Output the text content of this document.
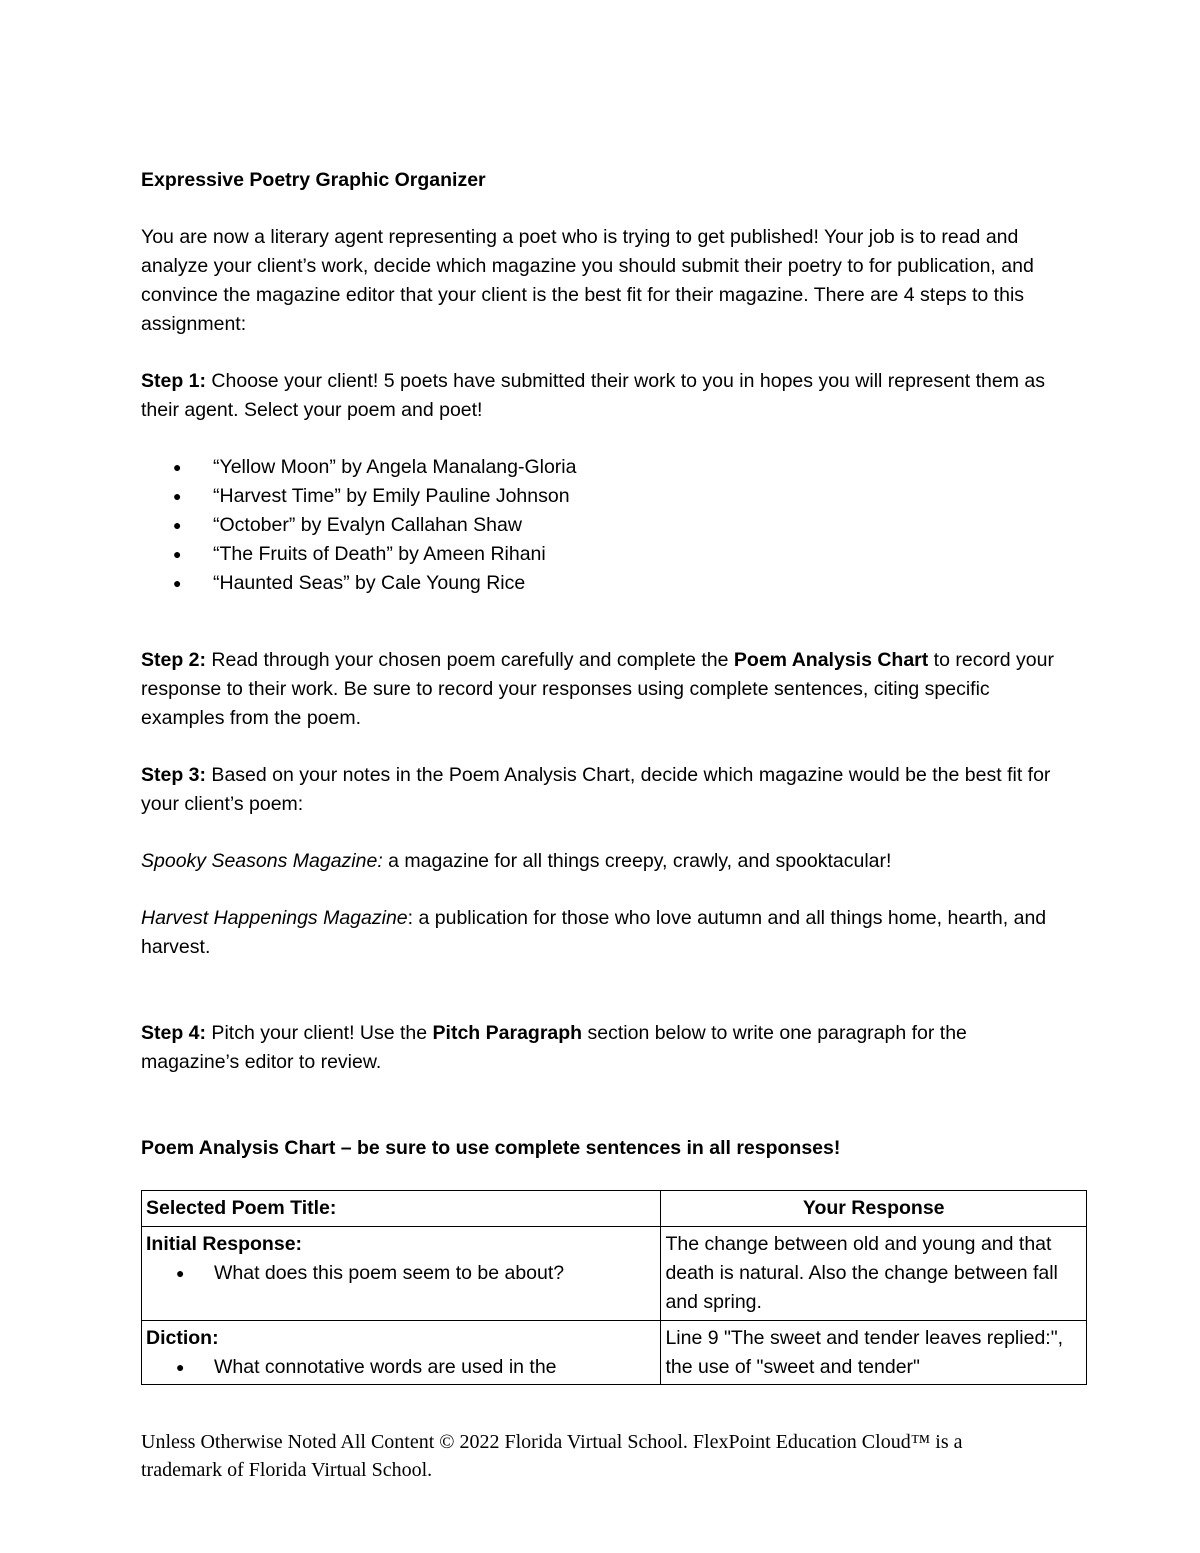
Expressive Poetry Graphic Organizer

You are now a literary agent representing a poet who is trying to get published! Your job is to read and analyze your client’s work, decide which magazine you should submit their poetry to for publication, and convince the magazine editor that your client is the best fit for their magazine. There are 4 steps to this assignment:

Step 1: Choose your client! 5 poets have submitted their work to you in hopes you will represent them as their agent. Select your poem and poet!

● “Yellow Moon” by Angela Manalang-Gloria
● “Harvest Time” by Emily Pauline Johnson
● “October” by Evalyn Callahan Shaw
● “The Fruits of Death” by Ameen Rihani
● “Haunted Seas” by Cale Young Rice

Step 2: Read through your chosen poem carefully and complete the Poem Analysis Chart to record your response to their work. Be sure to record your responses using complete sentences, citing specific examples from the poem.

Step 3: Based on your notes in the Poem Analysis Chart, decide which magazine would be the best fit for your client’s poem:

Spooky Seasons Magazine: a magazine for all things creepy, crawly, and spooktacular!

Harvest Happenings Magazine: a publication for those who love autumn and all things home, hearth, and harvest.

Step 4: Pitch your client! Use the Pitch Paragraph section below to write one paragraph for the magazine’s editor to review.

Poem Analysis Chart – be sure to use complete sentences in all responses!

Selected Poem Title:	Your Response

Initial Response:
● What does this poem seem to be about?	The change between old and young and that death is natural. Also the change between fall and spring.

Diction:
● What connotative words are used in the	Line 9 "The sweet and tender leaves replied:", the use of "sweet and tender"
Unless Otherwise Noted All Content © 2022 Florida Virtual School. FlexPoint Education Cloud™ is a trademark of Florida Virtual School.
